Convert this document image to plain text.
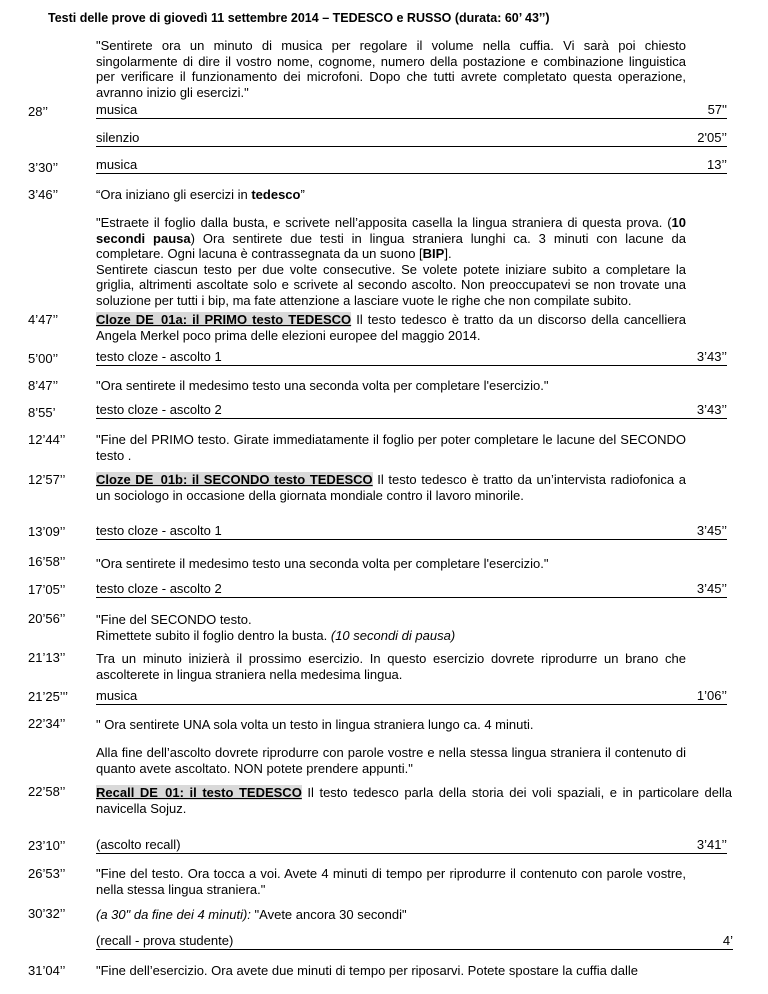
Testi delle prove di giovedì 11 settembre 2014 – TEDESCO e RUSSO (durata: 60’ 43’’)
"Sentirete ora un minuto di musica per regolare il volume nella cuffia. Vi sarà poi chiesto singolarmente di dire il vostro nome, cognome, numero della postazione e combinazione linguistica per verificare il funzionamento dei microfoni. Dopo che tutti avrete completato questa operazione, avranno inizio gli esercizi."
28’’	musica	57''
silenzio	2'05’’
3’30’’	musica	13’’
3’46’’	“Ora iniziano gli esercizi in tedesco”
"Estraete il foglio dalla busta, e scrivete nell’apposita casella la lingua straniera di questa prova. (10 secondi pausa) Ora sentirete due testi in lingua straniera lunghi ca. 3 minuti con lacune da completare. Ogni lacuna è contrassegnata da un suono [BIP].
Sentirete ciascun testo per due volte consecutive. Se volete potete iniziare subito a completare la griglia, altrimenti ascoltate solo e scrivete al secondo ascolto. Non preoccupatevi se non trovate una soluzione per tutti i bip, ma fate attenzione a lasciare vuote le righe che non compilate subito.
4’47’’	Cloze DE_01a: il PRIMO testo TEDESCO Il testo tedesco è tratto da un discorso della cancelliera Angela Merkel poco prima delle elezioni europee del maggio 2014.
5’00’’	testo cloze - ascolto 1	3’43’’
8’47’’	"Ora sentirete il medesimo testo una seconda volta per completare l'esercizio."
8’55’	testo cloze - ascolto 2	3’43’’
12’44’’ "Fine del PRIMO testo. Girate immediatamente il foglio per poter completare le lacune del SECONDO testo .
12’57’’ Cloze DE_01b: il SECONDO testo TEDESCO Il testo tedesco è tratto da un’intervista radiofonica a un sociologo in occasione della giornata mondiale contro il lavoro minorile.
13’09’’ testo cloze - ascolto 1	3’45’’
16’58’’ "Ora sentirete il medesimo testo una seconda volta per completare l'esercizio."
17’05’’ testo cloze - ascolto 2	3’45’’
20’56’’ "Fine del SECONDO testo.
Rimettete subito il foglio dentro la busta. (10 secondi di pausa)
21’13’’ Tra un minuto inizierà il prossimo esercizio. In questo esercizio dovrete riprodurre un brano che ascolterete in lingua straniera nella medesima lingua.
21’25’'’ musica	1’06’’
22’34’’ " Ora sentirete UNA sola volta un testo in lingua straniera lungo ca. 4 minuti.
Alla fine dell’ascolto dovrete riprodurre con parole vostre e nella stessa lingua straniera il contenuto di quanto avete ascoltato. NON potete prendere appunti."
22’58’’ Recall DE_01: il testo TEDESCO Il testo tedesco parla della storia dei voli spaziali, e in particolare della navicella Sojuz.
23’10’’ (ascolto recall)	3’41’’
26’53’’ "Fine del testo. Ora tocca a voi. Avete 4 minuti di tempo per riprodurre il contenuto con parole vostre, nella stessa lingua straniera."
30’32’’ (a 30" da fine dei 4 minuti): "Avete ancora 30 secondi"
(recall - prova studente)	4’
31’04’’ "Fine dell’esercizio. Ora avete due minuti di tempo per riposarvi. Potete spostare la cuffia dalle
